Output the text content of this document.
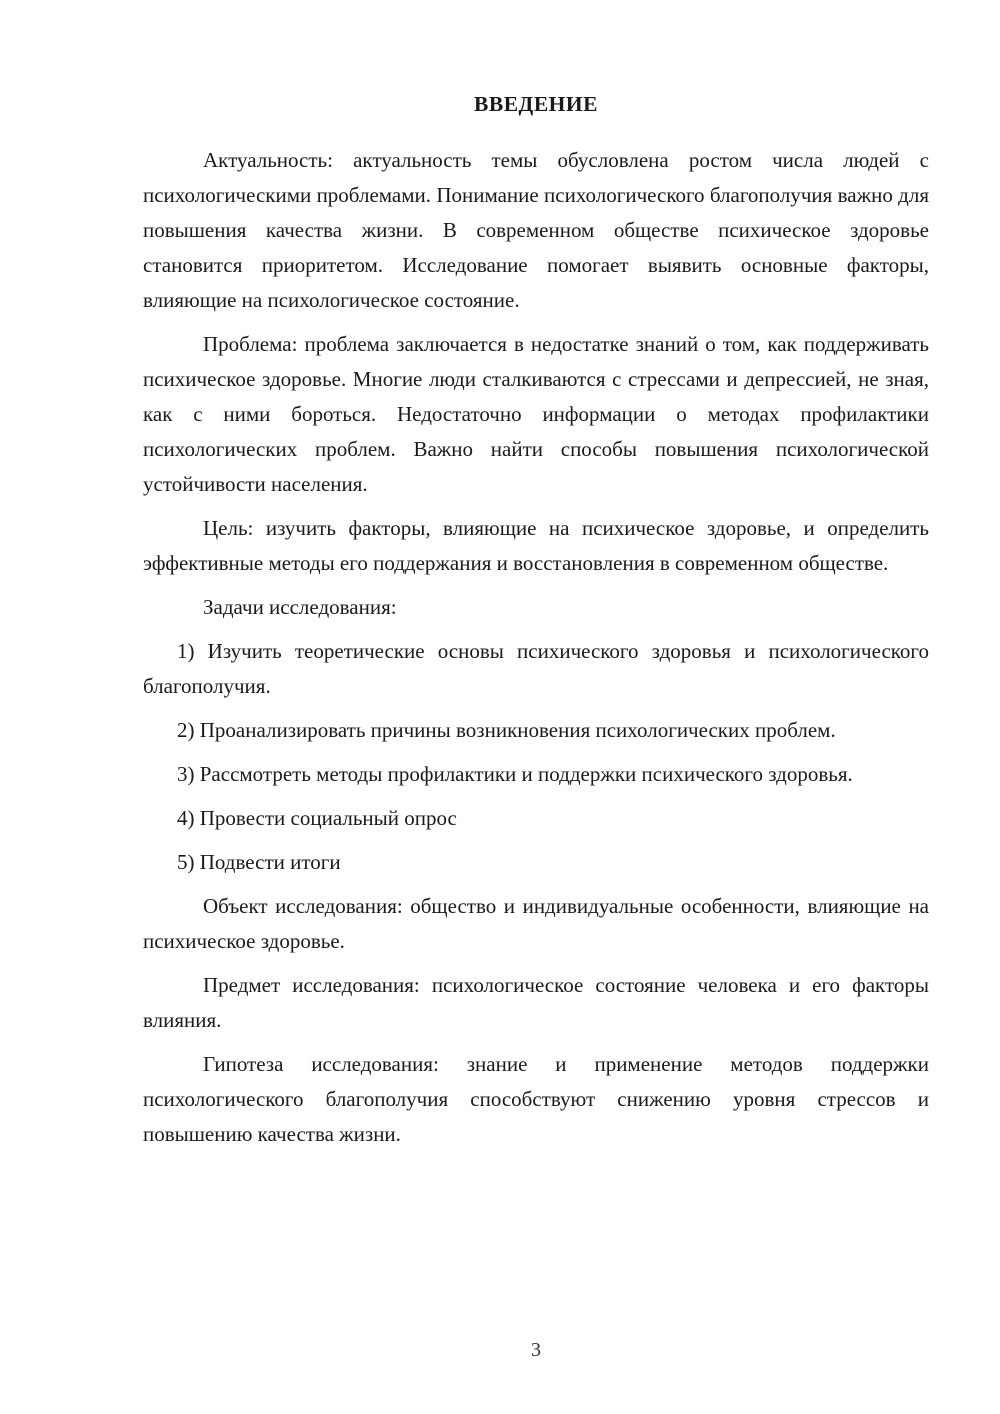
ВВЕДЕНИЕ

Актуальность: актуальность темы обусловлена ростом числа людей с психологическими проблемами. Понимание психологического благополучия важно для повышения качества жизни. В современном обществе психическое здоровье становится приоритетом. Исследование помогает выявить основные факторы, влияющие на психологическое состояние.

Проблема: проблема заключается в недостатке знаний о том, как поддерживать психическое здоровье. Многие люди сталкиваются с стрессами и депрессией, не зная, как с ними бороться. Недостаточно информации о методах профилактики психологических проблем. Важно найти способы повышения психологической устойчивости населения.

Цель: изучить факторы, влияющие на психическое здоровье, и определить эффективные методы его поддержания и восстановления в современном обществе.

Задачи исследования:

1) Изучить теоретические основы психического здоровья и психологического благополучия.

2) Проанализировать причины возникновения психологических проблем.

3) Рассмотреть методы профилактики и поддержки психического здоровья.

4) Провести социальный опрос

5) Подвести итоги

Объект исследования: общество и индивидуальные особенности, влияющие на психическое здоровье.

Предмет исследования: психологическое состояние человека и его факторы влияния.

Гипотеза исследования: знание и применение методов поддержки психологического благополучия способствуют снижению уровня стрессов и повышению качества жизни.

3
